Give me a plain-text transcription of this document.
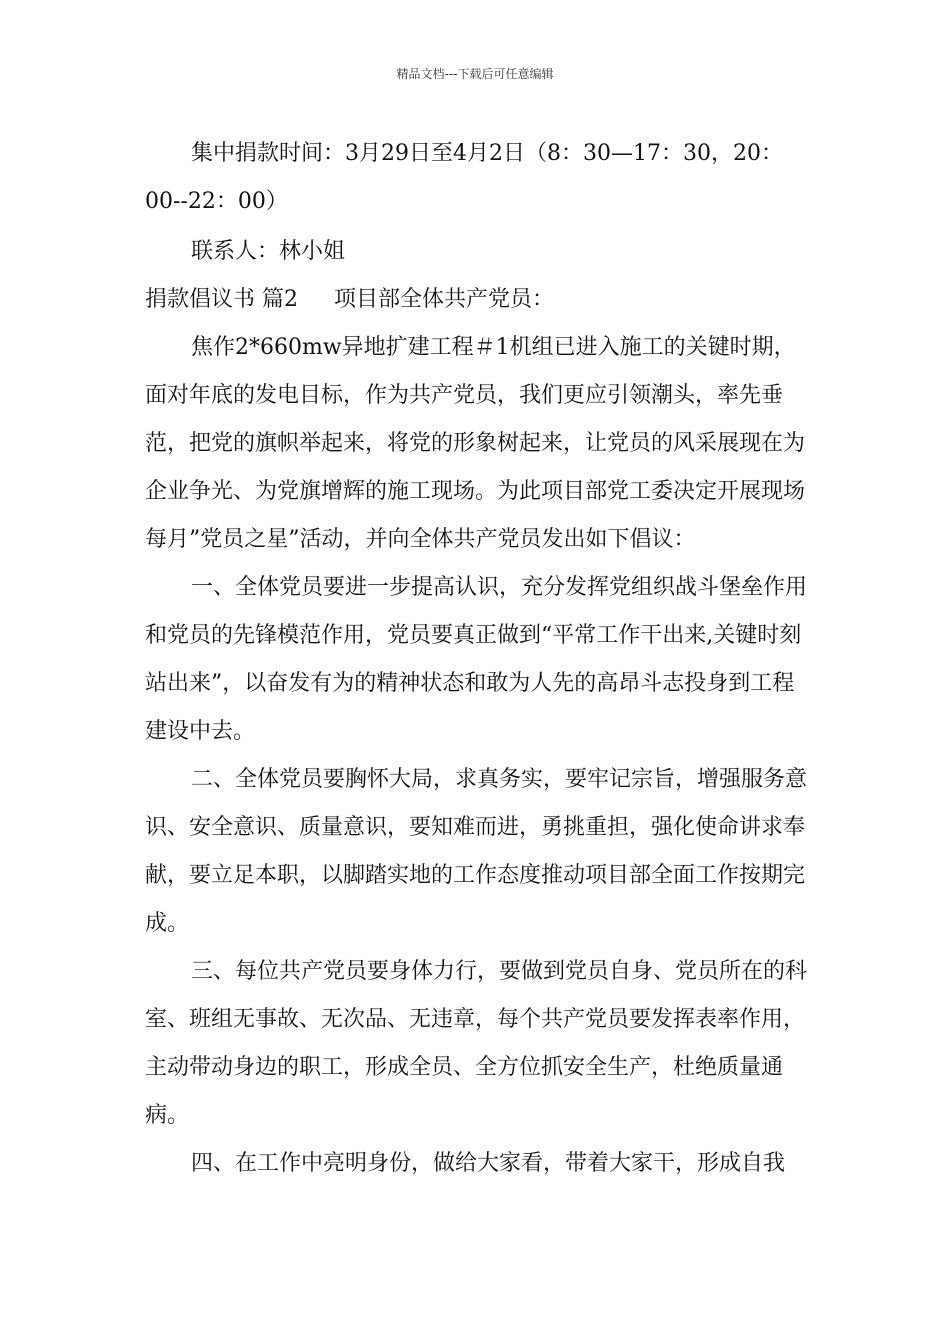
精品文档---下载后可任意编辑

集中捐款时间：3月29日至4月2日（8：30—17：30，20：00--22：00）

联系人：林小姐

捐款倡议书 篇2 项目部全体共产党员：

焦作2*660mw异地扩建工程＃1机组已进入施工的关键时期，面对年底的发电目标，作为共产党员，我们更应引领潮头，率先垂范，把党的旗帜举起来，将党的形象树起来，让党员的风采展现在为企业争光、为党旗增辉的施工现场。为此项目部党工委决定开展现场每月”党员之星”活动，并向全体共产党员发出如下倡议：

一、全体党员要进一步提高认识，充分发挥党组织战斗堡垒作用和党员的先锋模范作用，党员要真正做到“平常工作干出来,关键时刻站出来”，以奋发有为的精神状态和敢为人先的高昂斗志投身到工程建设中去。

二、全体党员要胸怀大局，求真务实，要牢记宗旨，增强服务意识、安全意识、质量意识，要知难而进，勇挑重担，强化使命讲求奉献，要立足本职，以脚踏实地的工作态度推动项目部全面工作按期完成。

三、每位共产党员要身体力行，要做到党员自身、党员所在的科室、班组无事故、无次品、无违章，每个共产党员要发挥表率作用，主动带动身边的职工，形成全员、全方位抓安全生产，杜绝质量通病。

四、在工作中亮明身份，做给大家看，带着大家干，形成自我
